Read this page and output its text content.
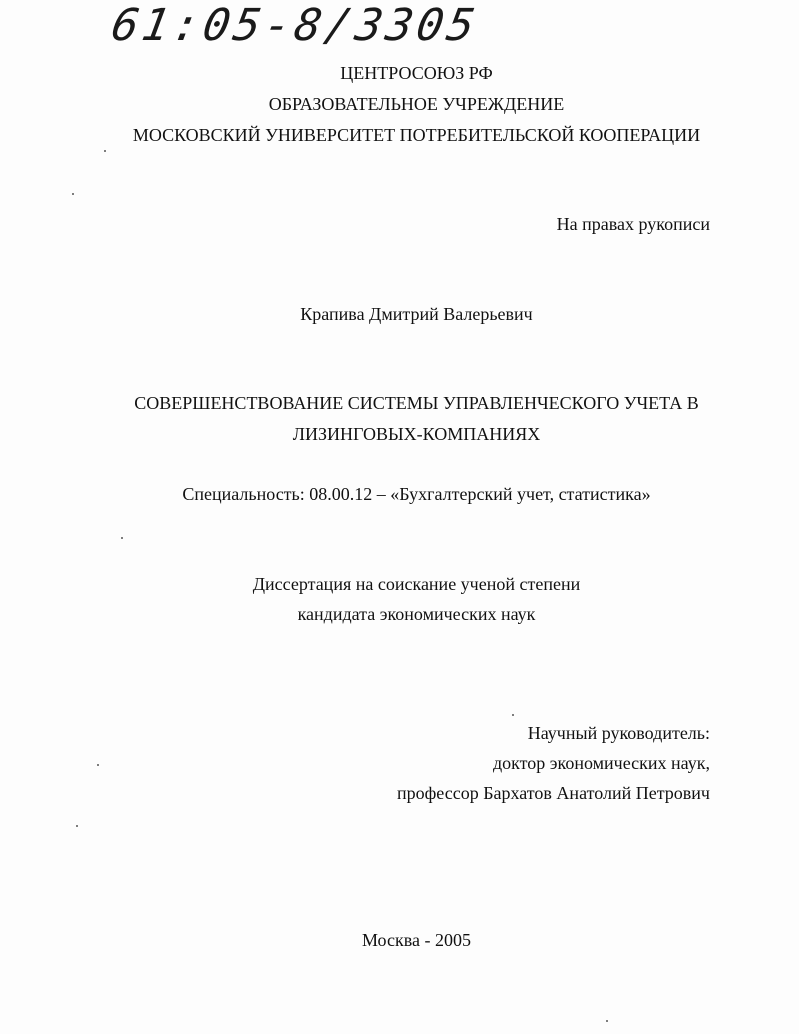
61:05-8/3305
ЦЕНТРОСОЮЗ РФ
ОБРАЗОВАТЕЛЬНОЕ УЧРЕЖДЕНИЕ
МОСКОВСКИЙ УНИВЕРСИТЕТ ПОТРЕБИТЕЛЬСКОЙ КООПЕРАЦИИ
На правах рукописи
Крапива Дмитрий Валерьевич
СОВЕРШЕНСТВОВАНИЕ СИСТЕМЫ УПРАВЛЕНЧЕСКОГО УЧЕТА В
ЛИЗИНГОВЫХ-КОМПАНИЯХ
Специальность: 08.00.12 – «Бухгалтерский учет, статистика»
Диссертация на соискание ученой степени
кандидата экономических наук
Научный руководитель:
доктор экономических наук,
профессор Бархатов Анатолий Петрович
Москва - 2005
